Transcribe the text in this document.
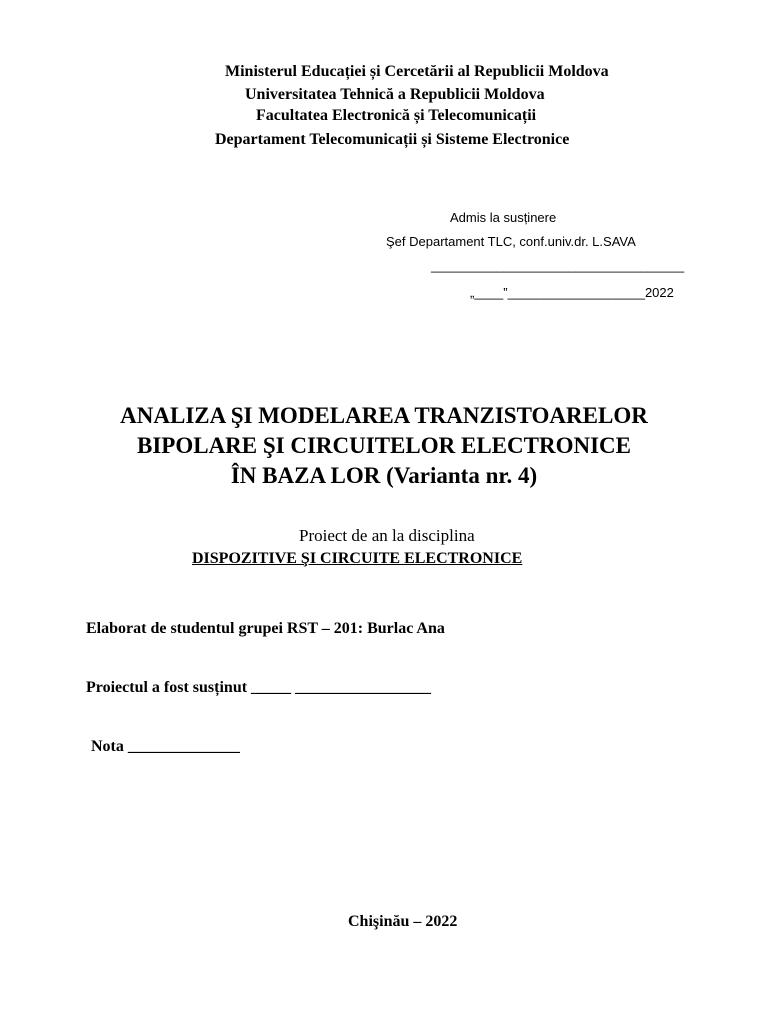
Ministerul Educației și Cercetării al Republicii Moldova
Universitatea Tehnică a Republicii Moldova
Facultatea Electronică și Telecomunicații
Departament Telecomunicații și Sisteme Electronice
Admis la susținere
Şef Departament TLC, conf.univ.dr. L.SAVA
___________________________________
„____”___________________2022
ANALIZA ŞI MODELAREA TRANZISTOARELOR
BIPOLARE ŞI CIRCUITELOR ELECTRONICE
ÎN BAZA LOR (Varianta nr. 4)
Proiect de an la disciplina
DISPOZITIVE ŞI CIRCUITE ELECTRONICE
Elaborat de studentul grupei RST – 201: Burlac Ana
Proiectul a fost susținut _____ _________________
Nota ______________
Chişinău – 2022
